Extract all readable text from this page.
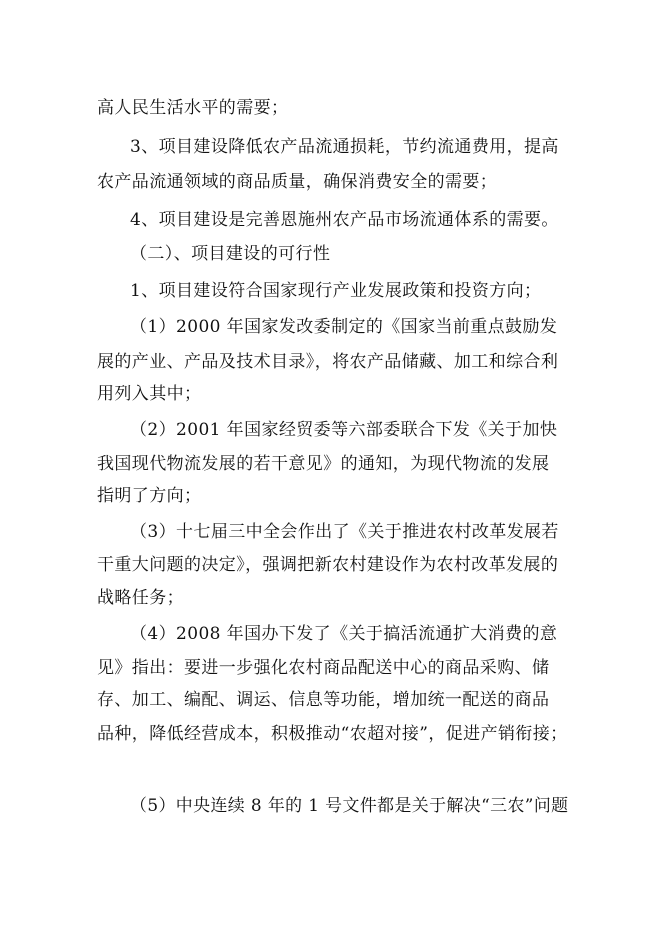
高人民生活水平的需要；
3、项目建设降低农产品流通损耗，节约流通费用，提高
农产品流通领域的商品质量，确保消费安全的需要；
4、项目建设是完善恩施州农产品市场流通体系的需要。
（二）、项目建设的可行性
1、项目建设符合国家现行产业发展政策和投资方向；
（1）2000 年国家发改委制定的《国家当前重点鼓励发
展的产业、产品及技术目录》，将农产品储藏、加工和综合利
用列入其中；
（2）2001 年国家经贸委等六部委联合下发《关于加快
我国现代物流发展的若干意见》的通知，为现代物流的发展
指明了方向；
（3）十七届三中全会作出了《关于推进农村改革发展若
干重大问题的决定》，强调把新农村建设作为农村改革发展的
战略任务；
（4）2008 年国办下发了《关于搞活流通扩大消费的意
见》指出：要进一步强化农村商品配送中心的商品采购、储
存、加工、编配、调运、信息等功能，增加统一配送的商品
品种，降低经营成本，积极推动“农超对接”，促进产销衔接；
（5）中央连续 8 年的 1 号文件都是关于解决“三农”问题
